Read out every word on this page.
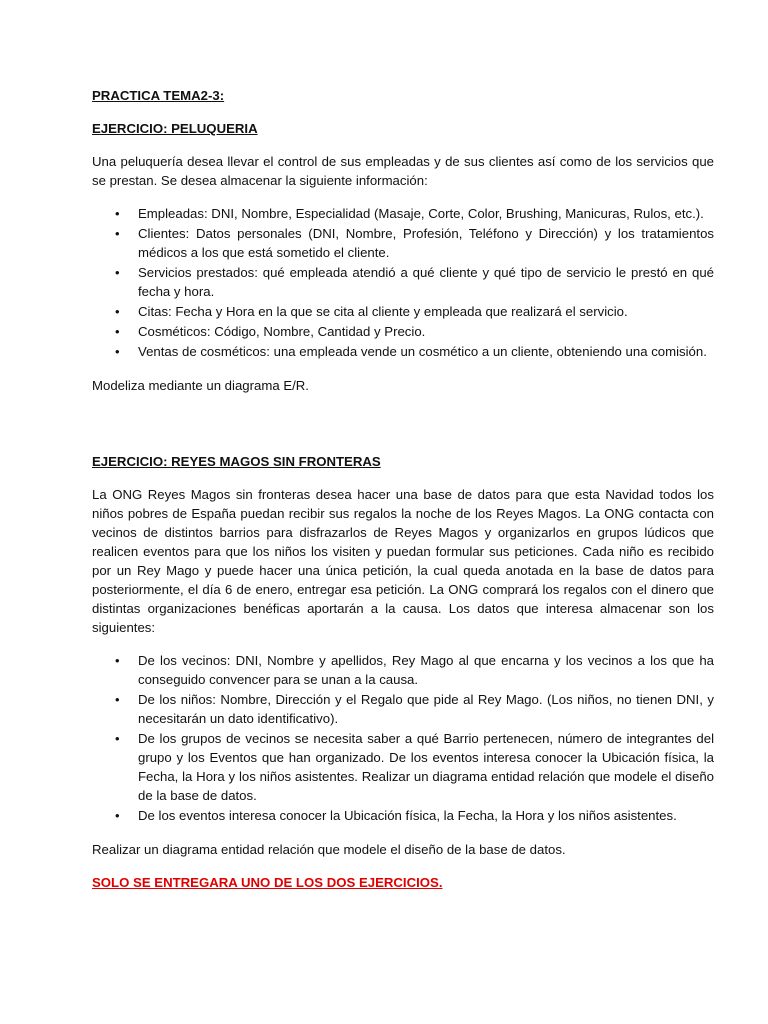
PRACTICA TEMA2-3:

EJERCICIO: PELUQUERIA

Una peluquería desea llevar el control de sus empleadas y de sus clientes así como de los servicios que se prestan. Se desea almacenar la siguiente información:

• Empleadas: DNI, Nombre, Especialidad (Masaje, Corte, Color, Brushing, Manicuras, Rulos, etc.).
• Clientes: Datos personales (DNI, Nombre, Profesión, Teléfono y Dirección) y los tratamientos médicos a los que está sometido el cliente.
• Servicios prestados: qué empleada atendió a qué cliente y qué tipo de servicio le prestó en qué fecha y hora.
• Citas: Fecha y Hora en la que se cita al cliente y empleada que realizará el servicio.
• Cosméticos: Código, Nombre, Cantidad y Precio.
• Ventas de cosméticos: una empleada vende un cosmético a un cliente, obteniendo una comisión.

Modeliza mediante un diagrama E/R.

EJERCICIO: REYES MAGOS SIN FRONTERAS

La ONG Reyes Magos sin fronteras desea hacer una base de datos para que esta Navidad todos los niños pobres de España puedan recibir sus regalos la noche de los Reyes Magos. La ONG contacta con vecinos de distintos barrios para disfrazarlos de Reyes Magos y organizarlos en grupos lúdicos que realicen eventos para que los niños los visiten y puedan formular sus peticiones. Cada niño es recibido por un Rey Mago y puede hacer una única petición, la cual queda anotada en la base de datos para posteriormente, el día 6 de enero, entregar esa petición. La ONG comprará los regalos con el dinero que distintas organizaciones benéficas aportarán a la causa. Los datos que interesa almacenar son los siguientes:

• De los vecinos: DNI, Nombre y apellidos, Rey Mago al que encarna y los vecinos a los que ha conseguido convencer para se unan a la causa.
• De los niños: Nombre, Dirección y el Regalo que pide al Rey Mago. (Los niños, no tienen DNI, y necesitarán un dato identificativo).
• De los grupos de vecinos se necesita saber a qué Barrio pertenecen, número de integrantes del grupo y los Eventos que han organizado. De los eventos interesa conocer la Ubicación física, la Fecha, la Hora y los niños asistentes. Realizar un diagrama entidad relación que modele el diseño de la base de datos.
• De los eventos interesa conocer la Ubicación física, la Fecha, la Hora y los niños asistentes.

Realizar un diagrama entidad relación que modele el diseño de la base de datos.

SOLO SE ENTREGARA UNO DE LOS DOS EJERCICIOS.
